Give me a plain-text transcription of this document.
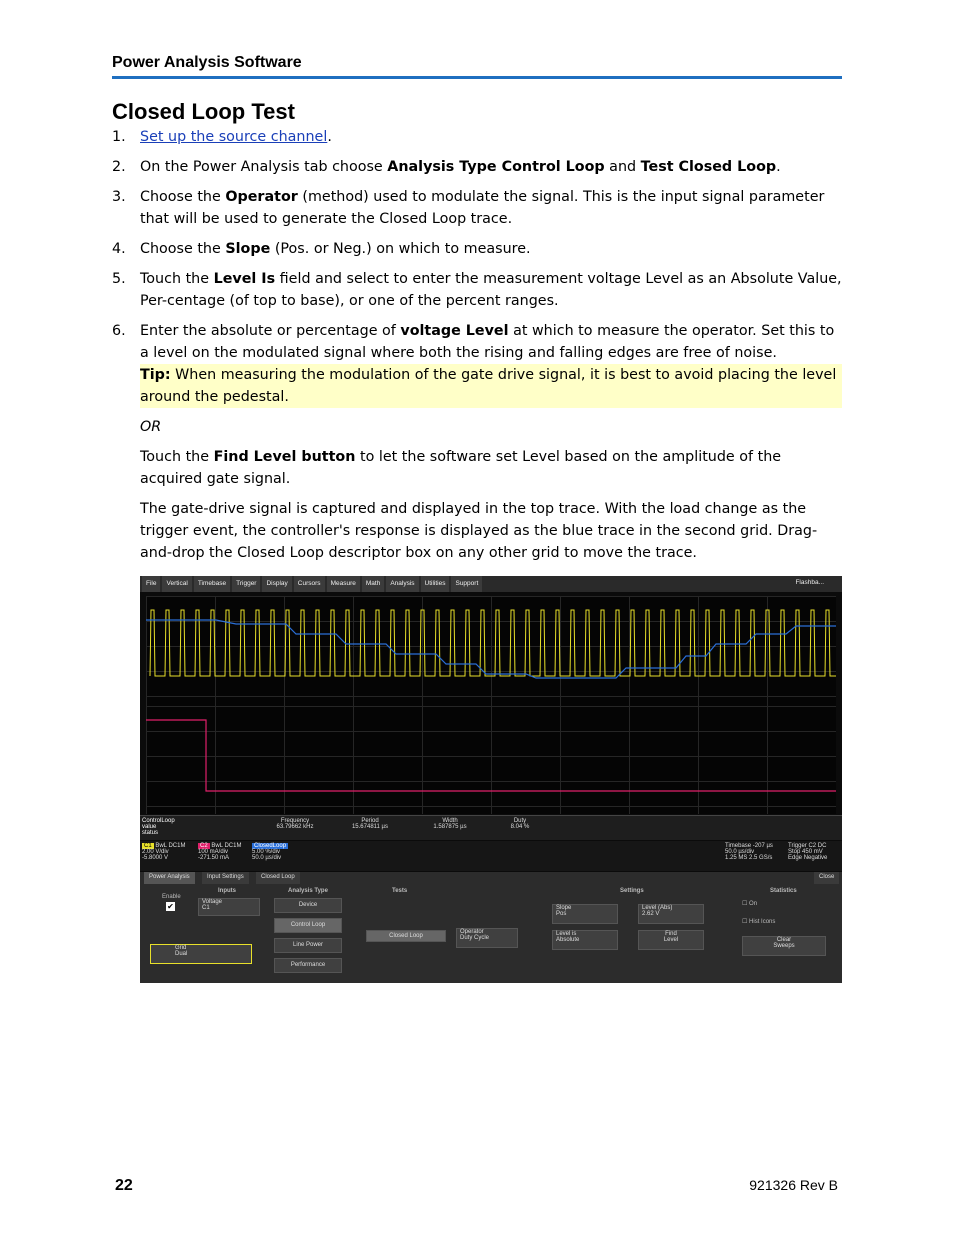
Power Analysis Software
Closed Loop Test
1.	Set up the source channel.
2.	On the Power Analysis tab choose Analysis Type Control Loop and Test Closed Loop.
3.	Choose the Operator (method) used to modulate the signal. This is the input signal parameter that will be used to generate the Closed Loop trace.
4.	Choose the Slope (Pos. or Neg.) on which to measure.
5.	Touch the Level Is field and select to enter the measurement voltage Level as an Absolute Value, Per-centage (of top to base), or one of the percent ranges.
6.	Enter the absolute or percentage of voltage Level at which to measure the operator. Set this to a level on the modulated signal where both the rising and falling edges are free of noise.
Tip: When measuring the modulation of the gate drive signal, it is best to avoid placing the level around the pedestal.
OR
Touch the Find Level button to let the software set Level based on the amplitude of the acquired gate signal.
The gate-drive signal is captured and displayed in the top trace. With the load change as the trigger event, the controller's response is displayed as the blue trace in the second grid. Drag-and-drop the Closed Loop descriptor box on any other grid to move the trace.
File	Vertical	Timebase	Trigger	Display	Cursors	Measure	Math	Analysis	Utilities	Support	Flashba...
ControlLoop
value
status
Frequency
63.79662 kHz
Period
15.674811 µs
Width
1.587875 µs
Duty
8.04 %
C1 BwL DC1M
2.00 V/div
-5.8000 V
C2 BwL DC1M
100 mA/div
-271.50 mA
ClosedLoop
5.00 %/div
50.0 µs/div
Timebase -207 µs
50.0 µs/div
1.25 MS 2.5 GS/s
Trigger C2 DC
Stop 450 mV
Edge Negative
Power Analysis	Input Settings	Closed Loop	Close
Inputs
Enable
✔	Voltage
C1
Grid
Dual
Analysis Type
Device
Control Loop
Line Power
Performance
Tests
Closed Loop
Operator
Duty Cycle
Settings
Slope
Pos
Level (Abs)
2.62 V
Level is
Absolute
Find
Level
Statistics
☐ On
☐ Hist Icons
Clear
Sweeps
22	921326 Rev B
